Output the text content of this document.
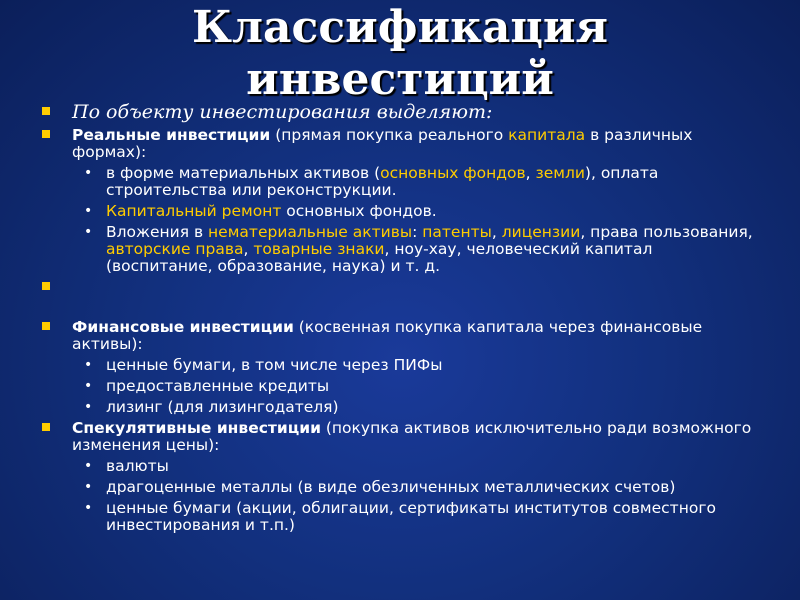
Классификация
инвестиций
По объекту инвестирования выделяют:
Реальные инвестиции (прямая покупка реального капитала в различных формах):
• в форме материальных активов (основных фондов, земли), оплата строительства или реконструкции.
• Капитальный ремонт основных фондов.
• Вложения в нематериальные активы: патенты, лицензии, права пользования, авторские права, товарные знаки, ноу-хау, человеческий капитал (воспитание, образование, наука) и т. д.
Финансовые инвестиции (косвенная покупка капитала через финансовые активы):
• ценные бумаги, в том числе через ПИФы
• предоставленные кредиты
• лизинг (для лизингодателя)
Спекулятивные инвестиции (покупка активов исключительно ради возможного изменения цены):
• валюты
• драгоценные металлы (в виде обезличенных металлических счетов)
• ценные бумаги (акции, облигации, сертификаты институтов совместного инвестирования и т.п.)
